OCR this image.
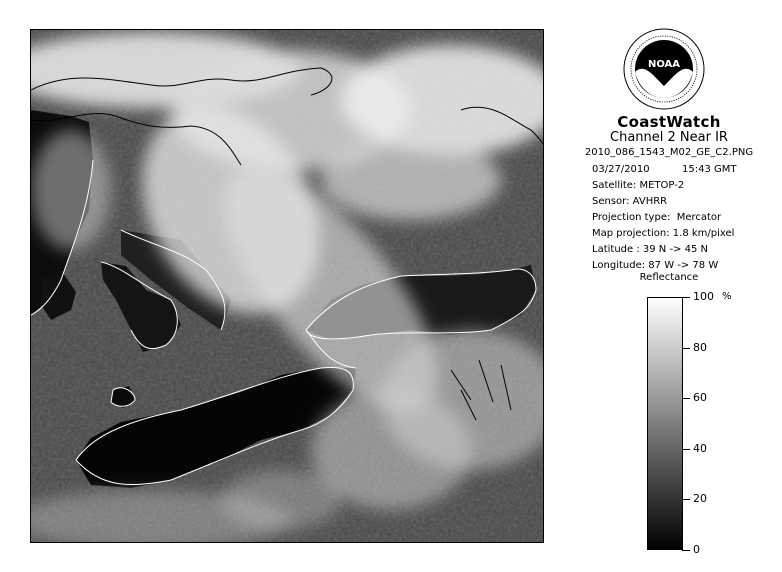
NOAA
CoastWatch
Channel 2 Near IR
2010_086_1543_M02_GE_C2.PNG
03/27/2010	15:43 GMT
Satellite: METOP-2
Sensor: AVHRR
Projection type:  Mercator
Map projection: 1.8 km/pixel
Latitude : 39 N -> 45 N
Longitude: 87 W -> 78 W
Reflectance
%
0
20
40
60
80
100
